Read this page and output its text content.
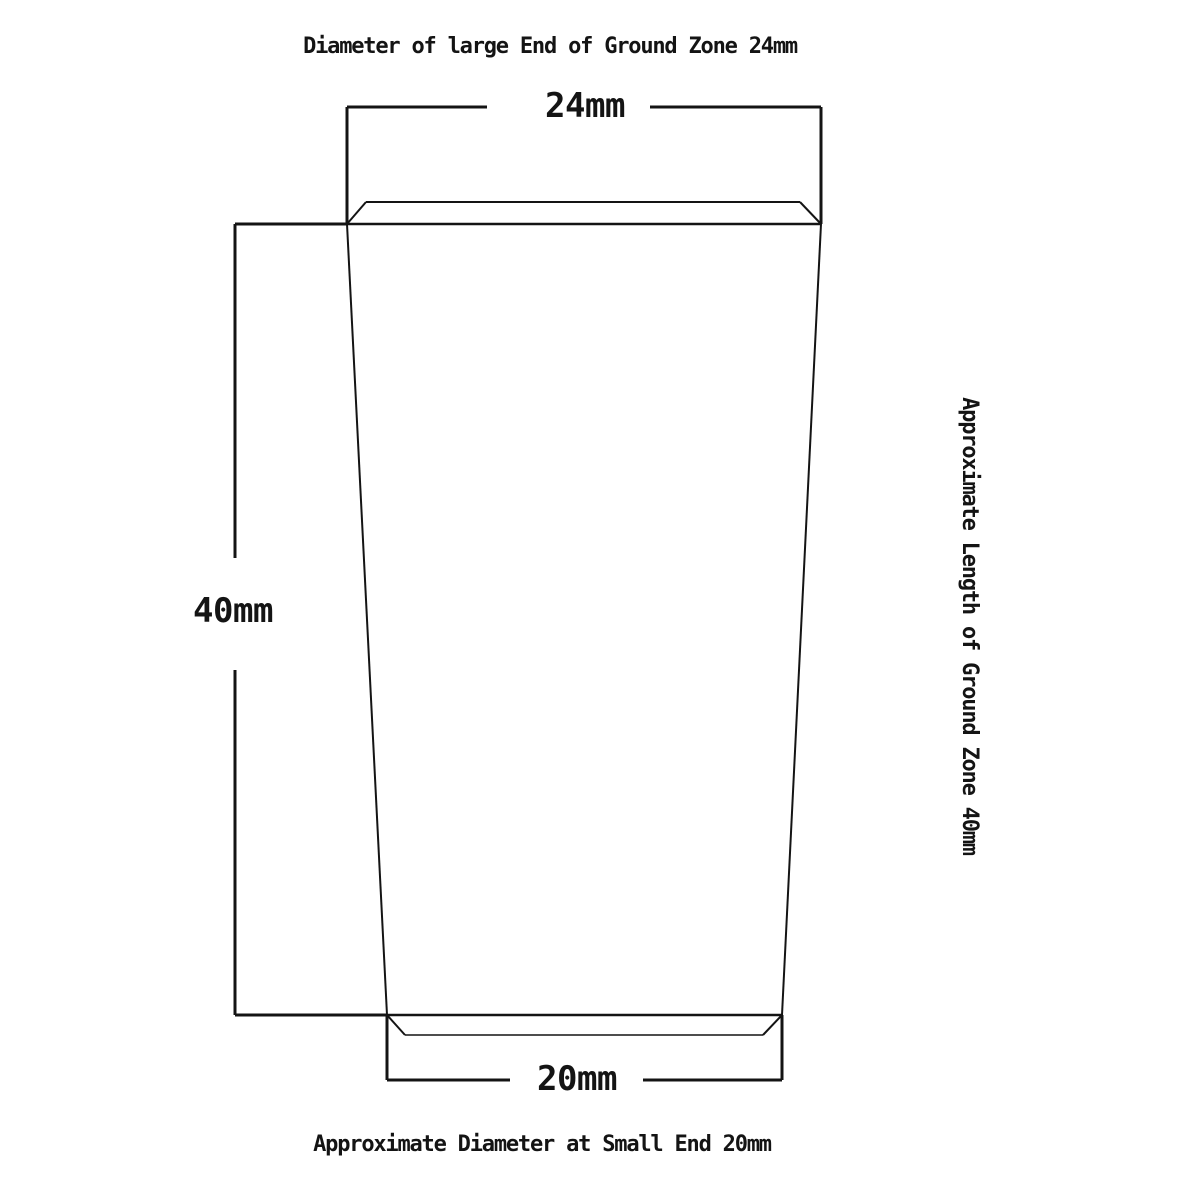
Diameter of large End of Ground Zone 24mm
24mm
40mm
20mm
Approximate Diameter at Small End 20mm
Approximate Length of Ground Zone 40mm
